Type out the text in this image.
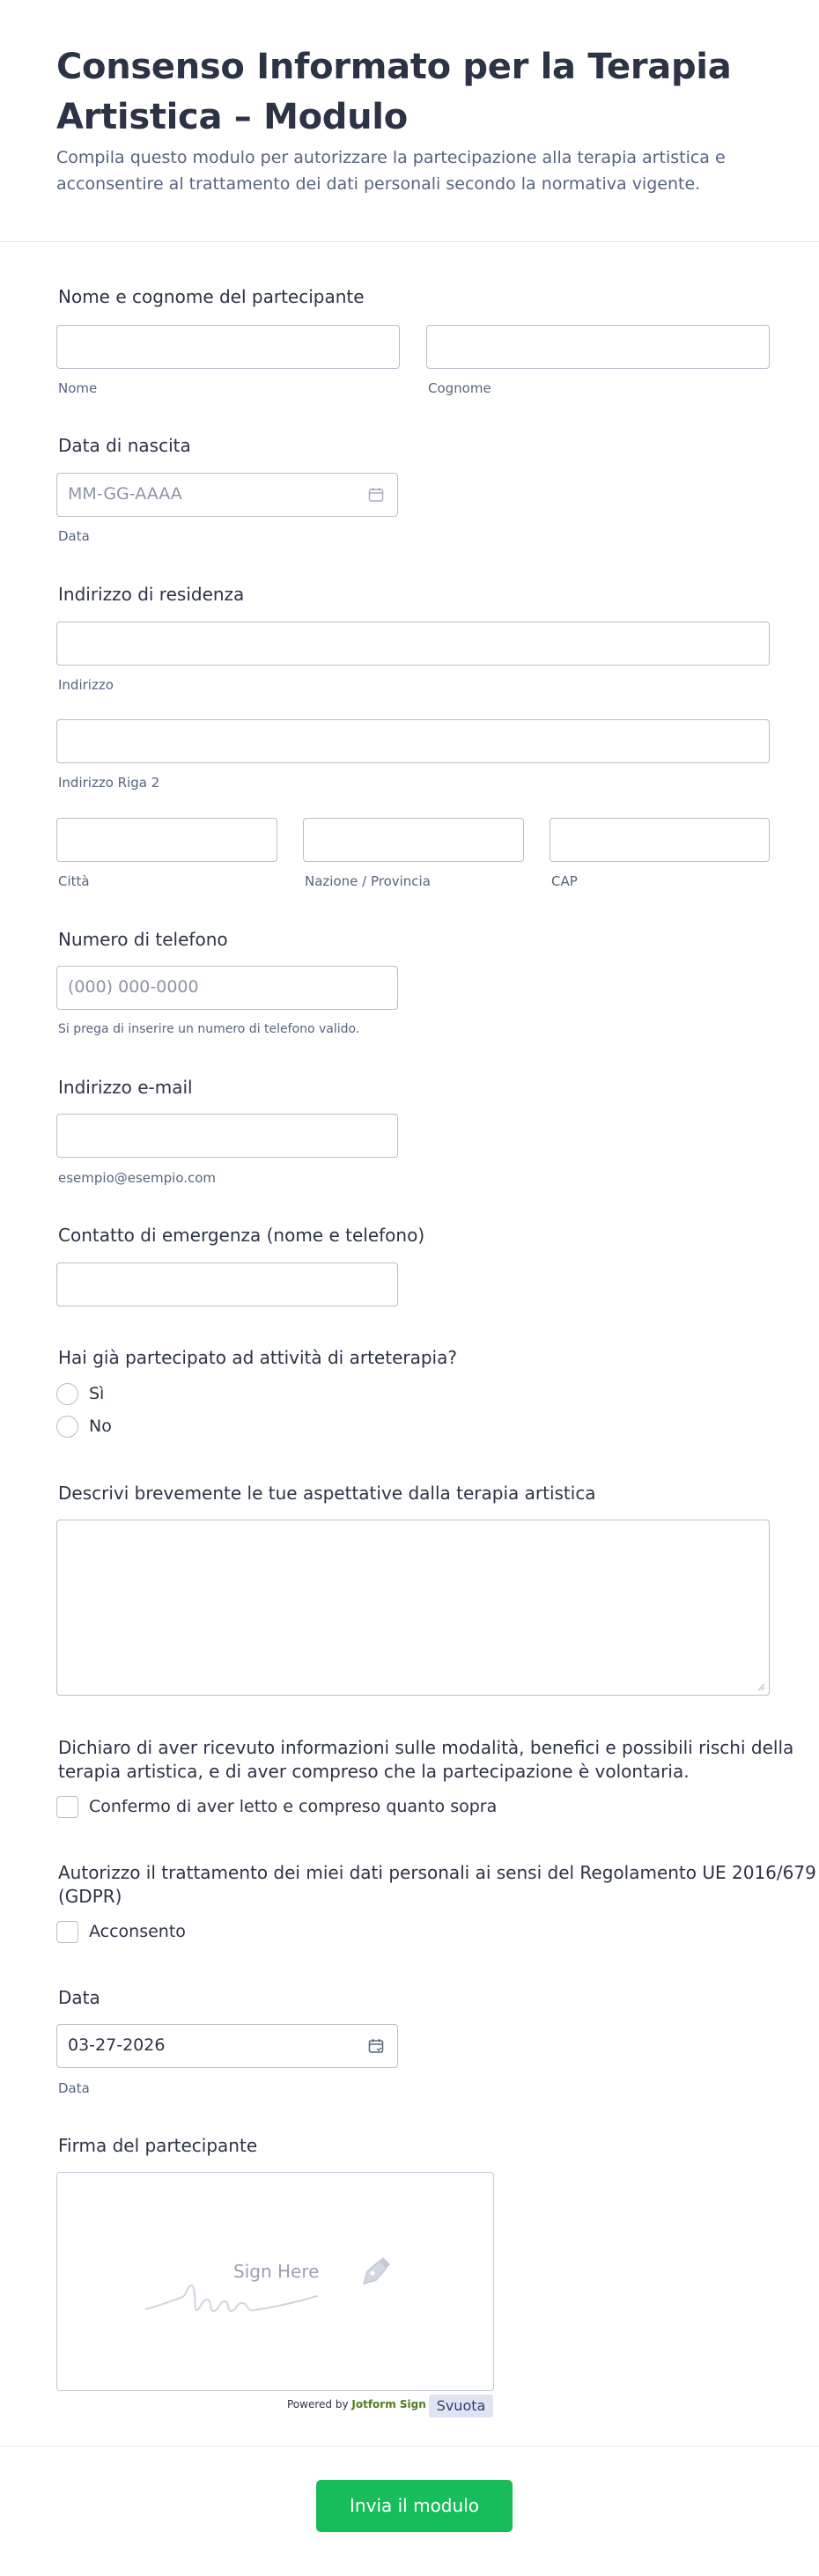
Consenso Informato per la Terapia
Artistica – Modulo

Compila questo modulo per autorizzare la partecipazione alla terapia artistica e
acconsentire al trattamento dei dati personali secondo la normativa vigente.

Nome e cognome del partecipante
Nome	Cognome
Data di nascita
MM-GG-AAAA
Data
Indirizzo di residenza
Indirizzo
Indirizzo Riga 2
Città	Nazione / Provincia	CAP
Numero di telefono
(000) 000-0000
Si prega di inserire un numero di telefono valido.
Indirizzo e-mail
esempio@esempio.com
Contatto di emergenza (nome e telefono)
Hai già partecipato ad attività di arteterapia?
Sì
No
Descrivi brevemente le tue aspettative dalla terapia artistica
Dichiaro di aver ricevuto informazioni sulle modalità, benefici e possibili rischi della
terapia artistica, e di aver compreso che la partecipazione è volontaria.
Confermo di aver letto e compreso quanto sopra
Autorizzo il trattamento dei miei dati personali ai sensi del Regolamento UE 2016/679
(GDPR)
Acconsento
Data
03-27-2026
Data
Firma del partecipante
Sign Here
Powered by Jotform Sign Svuota
Invia il modulo
